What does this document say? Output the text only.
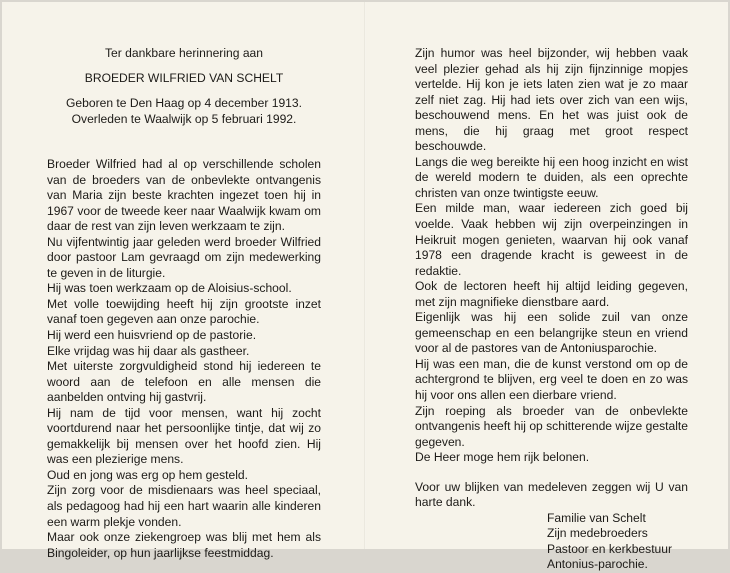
Ter dankbare herinnering aan

BROEDER WILFRIED VAN SCHELT

Geboren te Den Haag op 4 december 1913.

Overleden te Waalwijk op 5 februari 1992.

Broeder Wilfried had al op verschillende scholen van de broeders van de onbevlekte ontvangenis van Maria zijn beste krachten ingezet toen hij in 1967 voor de tweede keer naar Waalwijk kwam om daar de rest van zijn leven werkzaam te zijn.

Nu vijfentwintig jaar geleden werd broeder Wilfried door pastoor Lam gevraagd om zijn medewerking te geven in de liturgie.

Hij was toen werkzaam op de Aloisius-school.

Met volle toewijding heeft hij zijn grootste inzet vanaf toen gegeven aan onze parochie.

Hij werd een huisvriend op de pastorie.

Elke vrijdag was hij daar als gastheer.

Met uiterste zorgvuldigheid stond hij iedereen te woord aan de telefoon en alle mensen die aanbelden ontving hij gastvrij.

Hij nam de tijd voor mensen, want hij zocht voortdurend naar het persoonlijke tintje, dat wij zo gemakkelijk bij mensen over het hoofd zien. Hij was een plezierige mens.

Oud en jong was erg op hem gesteld.

Zijn zorg voor de misdienaars was heel speciaal, als pedagoog had hij een hart waarin alle kinderen een warm plekje vonden.

Maar ook onze ziekengroep was blij met hem als Bingoleider, op hun jaarlijkse feestmiddag.

Zijn humor was heel bijzonder, wij hebben vaak veel plezier gehad als hij zijn fijnzinnige mopjes vertelde. Hij kon je iets laten zien wat je zo maar zelf niet zag. Hij had iets over zich van een wijs, beschouwend mens. En het was juist ook de mens, die hij graag met groot respect beschouwde.

Langs die weg bereikte hij een hoog inzicht en wist de wereld modern te duiden, als een oprechte christen van onze twintigste eeuw.

Een milde man, waar iedereen zich goed bij voelde. Vaak hebben wij zijn overpeinzingen in Heikruit mogen genieten, waarvan hij ook vanaf 1978 een dragende kracht is geweest in de redaktie.

Ook de lectoren heeft hij altijd leiding gegeven, met zijn magnifieke dienstbare aard.

Eigenlijk was hij een solide zuil van onze gemeenschap en een belangrijke steun en vriend voor al de pastores van de Antoniusparochie.

Hij was een man, die de kunst verstond om op de achtergrond te blijven, erg veel te doen en zo was hij voor ons allen een dierbare vriend.

Zijn roeping als broeder van de onbevlekte ontvangenis heeft hij op schitterende wijze gestalte gegeven.

De Heer moge hem rijk belonen.

Voor uw blijken van medeleven zeggen wij U van harte dank.

Familie van Schelt
Zijn medebroeders
Pastoor en kerkbestuur
Antonius-parochie.
